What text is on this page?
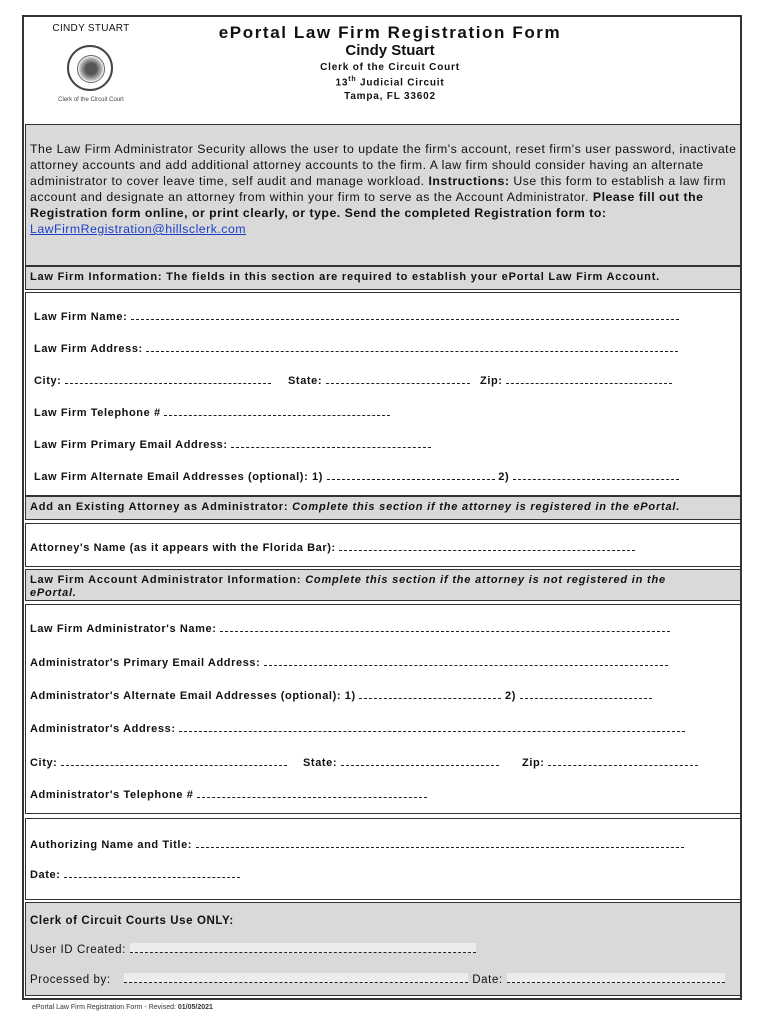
CINDY STUART
Clerk of the Circuit Court
ePortal Law Firm Registration Form
Cindy Stuart
Clerk of the Circuit Court
13th Judicial Circuit
Tampa, FL 33602
The Law Firm Administrator Security allows the user to update the firm's account, reset firm's user password, inactivate attorney accounts and add additional attorney accounts to the firm. A law firm should consider having an alternate administrator to cover leave time, self audit and manage workload. Instructions: Use this form to establish a law firm account and designate an attorney from within your firm to serve as the Account Administrator. Please fill out the Registration form online, or print clearly, or type. Send the completed Registration form to: LawFirmRegistration@hillsclerk.com
Law Firm Information: The fields in this section are required to establish your ePortal Law Firm Account.
Law Firm Name:
Law Firm Address:
City:	State:	Zip:
Law Firm Telephone #
Law Firm Primary Email Address:
Law Firm Alternate Email Addresses (optional): 1)	2)
Add an Existing Attorney as Administrator: Complete this section if the attorney is registered in the ePortal.
Attorney's Name (as it appears with the Florida Bar):
Law Firm Account Administrator Information: Complete this section if the attorney is not registered in the
ePortal.
Law Firm Administrator's Name:
Administrator's Primary Email Address:
Administrator's Alternate Email Addresses (optional): 1)	2)
Administrator's Address:
City:	State:	Zip:
Administrator's Telephone #
Authorizing Name and Title:
Date:
Clerk of Circuit Courts Use ONLY:
User ID Created:
Processed by:	Date:
ePortal Law Firm Registration Form - Revised: 01/05/2021
